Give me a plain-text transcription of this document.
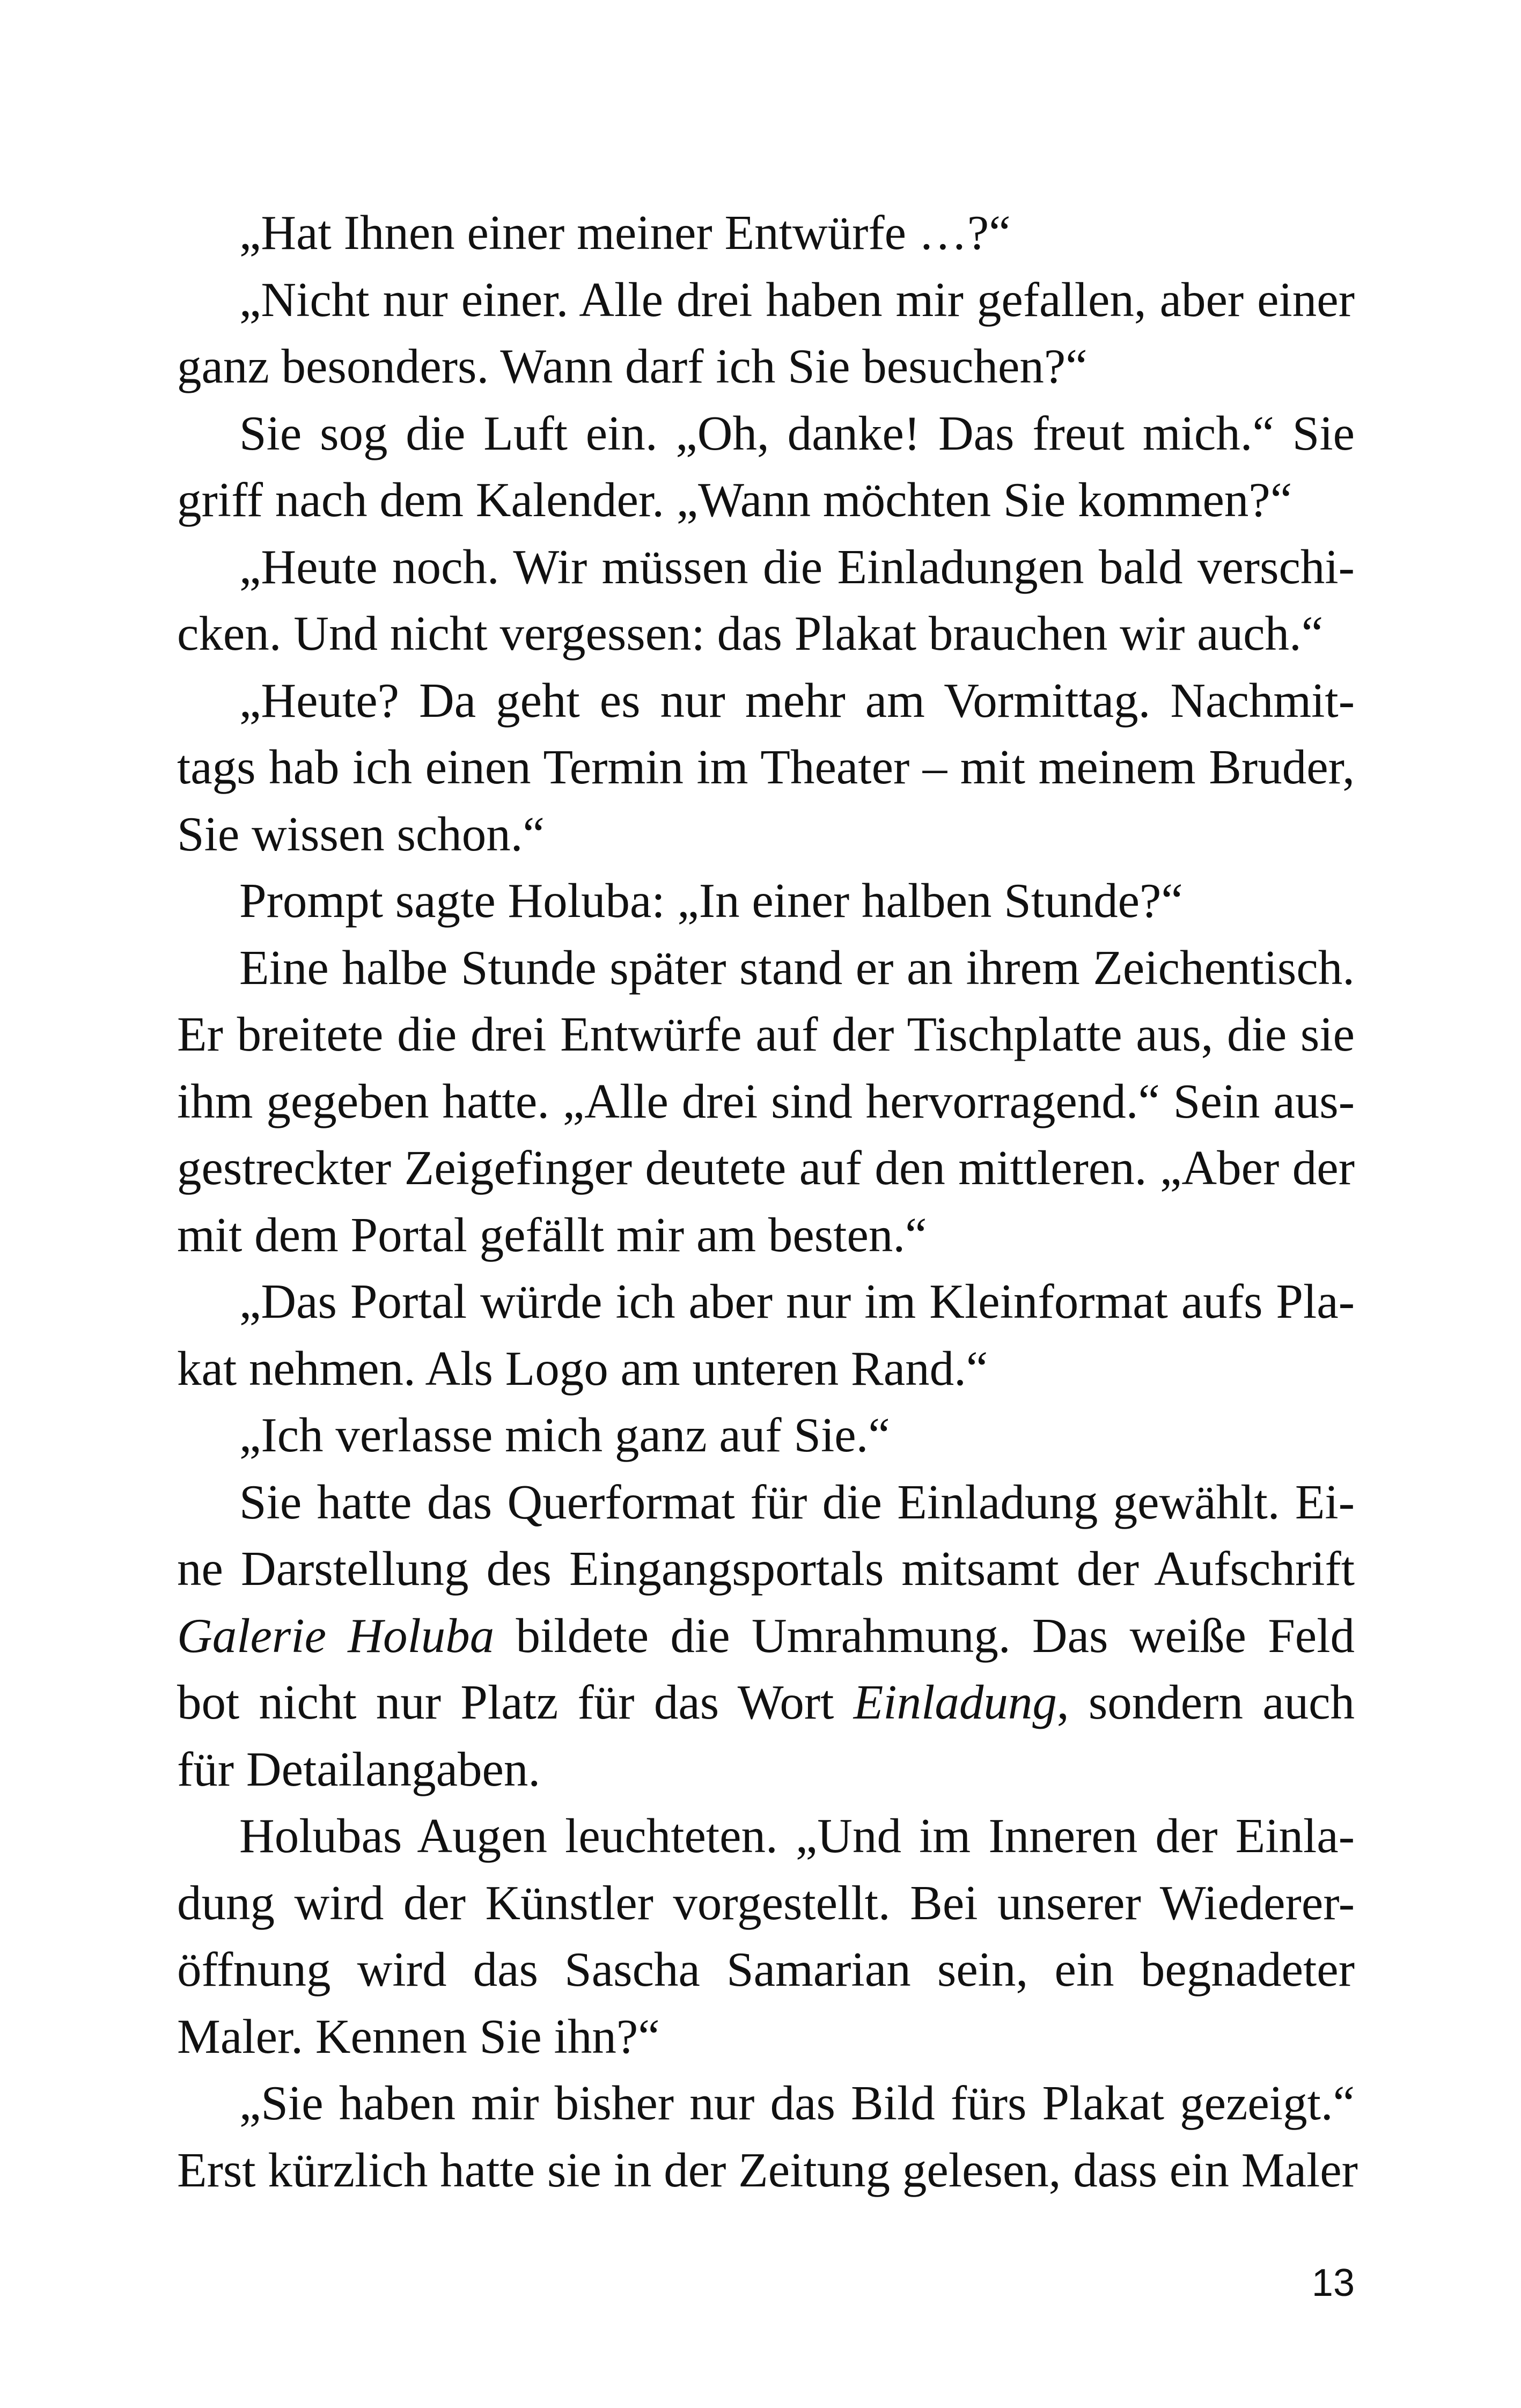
„Hat Ihnen einer meiner Entwürfe …?“
„Nicht nur einer. Alle drei haben mir gefallen, aber einer
ganz besonders. Wann darf ich Sie besuchen?“
Sie sog die Luft ein. „Oh, danke! Das freut mich.“ Sie
griff nach dem Kalender. „Wann möchten Sie kommen?“
„Heute noch. Wir müssen die Einladungen bald verschi-
cken. Und nicht vergessen: das Plakat brauchen wir auch.“
„Heute? Da geht es nur mehr am Vormittag. Nachmit-
tags hab ich einen Termin im Theater – mit meinem Bruder,
Sie wissen schon.“
Prompt sagte Holuba: „In einer halben Stunde?“
Eine halbe Stunde später stand er an ihrem Zeichentisch.
Er breitete die drei Entwürfe auf der Tischplatte aus, die sie
ihm gegeben hatte. „Alle drei sind hervorragend.“ Sein aus-
gestreckter Zeigefinger deutete auf den mittleren. „Aber der
mit dem Portal gefällt mir am besten.“
„Das Portal würde ich aber nur im Kleinformat aufs Pla-
kat nehmen. Als Logo am unteren Rand.“
„Ich verlasse mich ganz auf Sie.“
Sie hatte das Querformat für die Einladung gewählt. Ei-
ne Darstellung des Eingangsportals mitsamt der Aufschrift
Galerie Holuba bildete die Umrahmung. Das weiße Feld
bot nicht nur Platz für das Wort Einladung, sondern auch
für Detailangaben.
Holubas Augen leuchteten. „Und im Inneren der Einla-
dung wird der Künstler vorgestellt. Bei unserer Wiederer-
öffnung wird das Sascha Samarian sein, ein begnadeter
Maler. Kennen Sie ihn?“
„Sie haben mir bisher nur das Bild fürs Plakat gezeigt.“
Erst kürzlich hatte sie in der Zeitung gelesen, dass ein Maler
13
